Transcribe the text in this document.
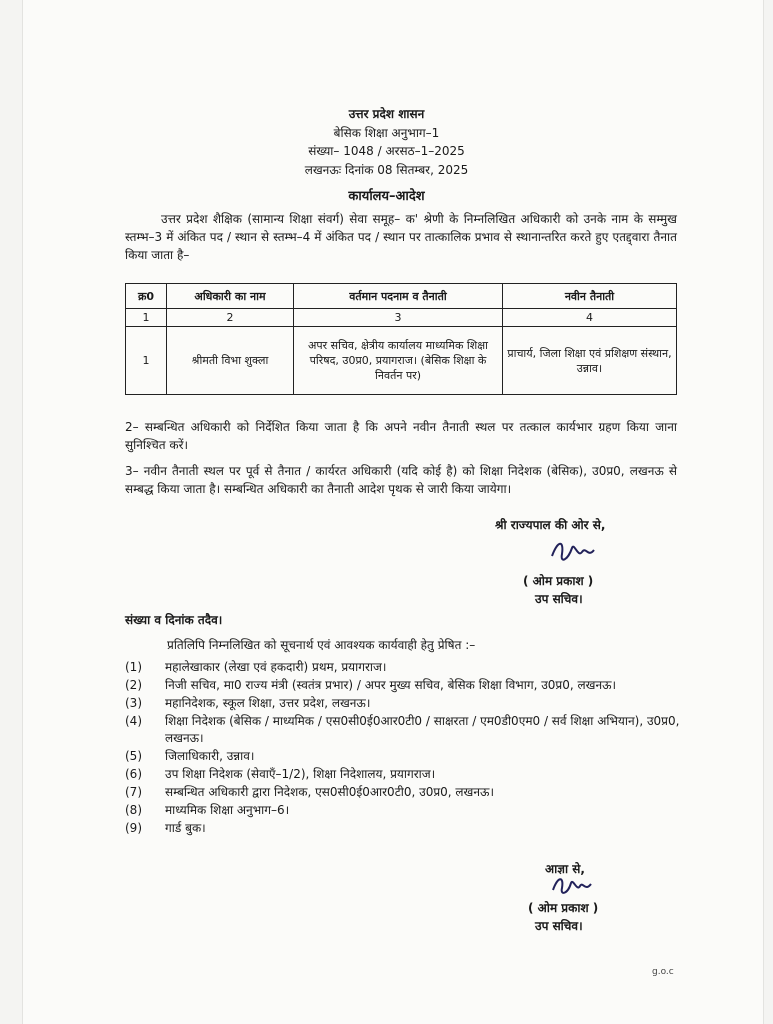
उत्तर प्रदेश शासन
बेसिक शिक्षा अनुभाग–1
संख्या– 1048 / अरसठ–1–2025
लखनऊः दिनांक 08 सितम्बर, 2025
कार्यालय–आदेश
उत्तर प्रदेश शैक्षिक (सामान्य शिक्षा संवर्ग) सेवा समूह– क' श्रेणी के निम्नलिखित अधिकारी को उनके नाम के सम्मुख स्तम्भ–3 में अंकित पद / स्थान से स्तम्भ–4 में अंकित पद / स्थान पर तात्कालिक प्रभाव से स्थानान्तरित करते हुए एतद्द्वारा तैनात किया जाता है–
क्र0	अधिकारी का नाम	वर्तमान पदनाम व तैनाती	नवीन तैनाती
1	2	3	4
1	श्रीमती विभा शुक्ला	अपर सचिव, क्षेत्रीय कार्यालय माध्यमिक शिक्षा परिषद, उ0प्र0, प्रयागराज। (बेसिक शिक्षा के निवर्तन पर)	प्राचार्य, जिला शिक्षा एवं प्रशिक्षण संस्थान, उन्नाव।
2– सम्बन्धित अधिकारी को निर्देशित किया जाता है कि अपने नवीन तैनाती स्थल पर तत्काल कार्यभार ग्रहण किया जाना सुनिश्चित करें।
3– नवीन तैनाती स्थल पर पूर्व से तैनात / कार्यरत अधिकारी (यदि कोई है) को शिक्षा निदेशक (बेसिक), उ0प्र0, लखनऊ से सम्बद्ध किया जाता है। सम्बन्धित अधिकारी का तैनाती आदेश पृथक से जारी किया जायेगा।
श्री राज्यपाल की ओर से,
( ओम प्रकाश )
उप सचिव।
संख्या व दिनांक तदैव।
प्रतिलिपि निम्नलिखित को सूचनार्थ एवं आवश्यक कार्यवाही हेतु प्रेषित :–
(1)	महालेखाकार (लेखा एवं हकदारी) प्रथम, प्रयागराज।
(2)	निजी सचिव, मा0 राज्य मंत्री (स्वतंत्र प्रभार) / अपर मुख्य सचिव, बेसिक शिक्षा विभाग, उ0प्र0, लखनऊ।
(3)	महानिदेशक, स्कूल शिक्षा, उत्तर प्रदेश, लखनऊ।
(4)	शिक्षा निदेशक (बेसिक / माध्यमिक / एस0सी0ई0आर0टी0 / साक्षरता / एम0डी0एम0 / सर्व शिक्षा अभियान), उ0प्र0, लखनऊ।
(5)	जिलाधिकारी, उन्नाव।
(6)	उप शिक्षा निदेशक (सेवाएँ–1/2), शिक्षा निदेशालय, प्रयागराज।
(7)	सम्बन्धित अधिकारी द्वारा निदेशक, एस0सी0ई0आर0टी0, उ0प्र0, लखनऊ।
(8)	माध्यमिक शिक्षा अनुभाग–6।
(9)	गार्ड बुक।
आज्ञा से,
( ओम प्रकाश )
उप सचिव।
g.o.c
